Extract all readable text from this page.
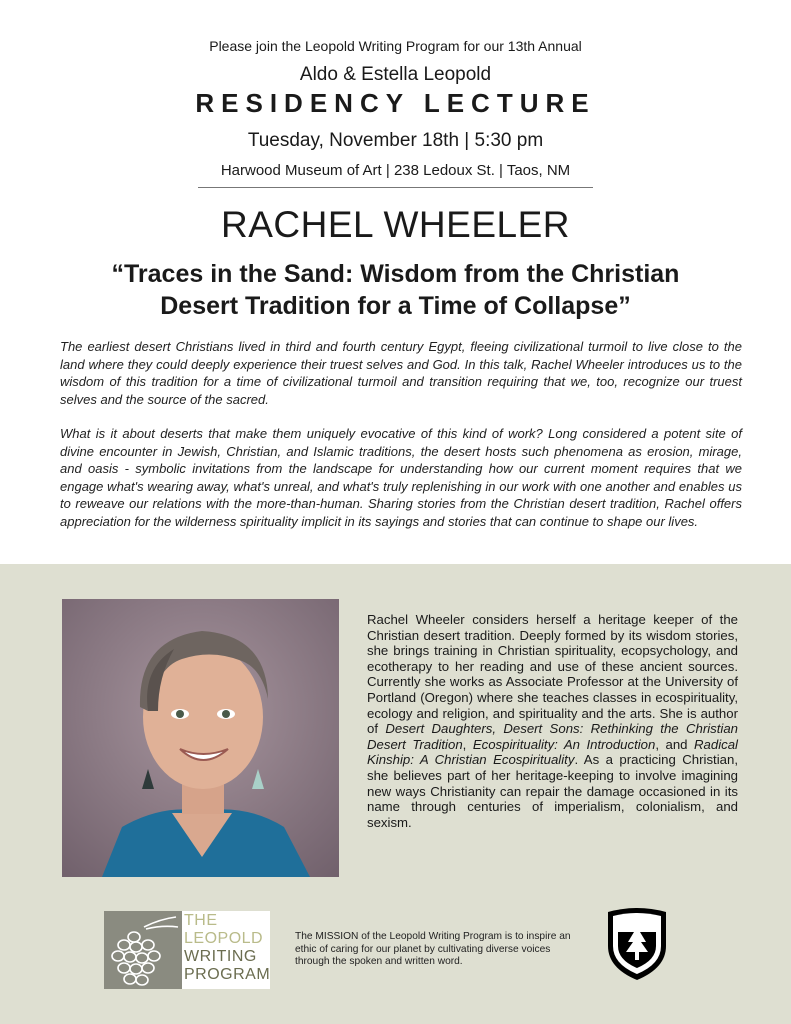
Please join the Leopold Writing Program for our 13th Annual
Aldo & Estella Leopold
RESIDENCY LECTURE
Tuesday, November 18th | 5:30 pm
Harwood Museum of Art | 238 Ledoux St. | Taos, NM
RACHEL WHEELER
“Traces in the Sand: Wisdom from the Christian
Desert Tradition for a Time of Collapse”

The earliest desert Christians lived in third and fourth century Egypt, fleeing civilizational turmoil to live close to the land where they could deeply experience their truest selves and God. In this talk, Rachel Wheeler introduces us to the wisdom of this tradition for a time of civilizational turmoil and transition requiring that we, too, recognize our truest selves and the source of the sacred.

What is it about deserts that make them uniquely evocative of this kind of work? Long considered a potent site of divine encounter in Jewish, Christian, and Islamic traditions, the desert hosts such phenomena as erosion, mirage, and oasis - symbolic invitations from the landscape for understanding how our current moment requires that we engage what's wearing away, what's unreal, and what's truly replenishing in our work with one another and enables us to reweave our relations with the more-than-human. Sharing stories from the Christian desert tradition, Rachel offers appreciation for the wilderness spirituality implicit in its sayings and stories that can continue to shape our lives.

Rachel Wheeler considers herself a heritage keeper of the Christian desert tradition. Deeply formed by its wisdom stories, she brings training in Christian spirituality, ecopsychology, and ecotherapy to her reading and use of these ancient sources. Currently she works as Associate Professor at the University of Portland (Oregon) where she teaches classes in ecospirituality, ecology and religion, and spirituality and the arts. She is author of Desert Daughters, Desert Sons: Rethinking the Christian Desert Tradition, Ecospirituality: An Introduction, and Radical Kinship: A Christian Ecospirituality. As a practicing Christian, she believes part of her heritage-keeping to involve imagining new ways Christianity can repair the damage occasioned in its name through centuries of imperialism, colonialism, and sexism.
THE
LEOPOLD
WRITING
PROGRAM
The MISSION of the Leopold Writing Program is to inspire an ethic of caring for our planet by cultivating diverse voices through the spoken and written word.
